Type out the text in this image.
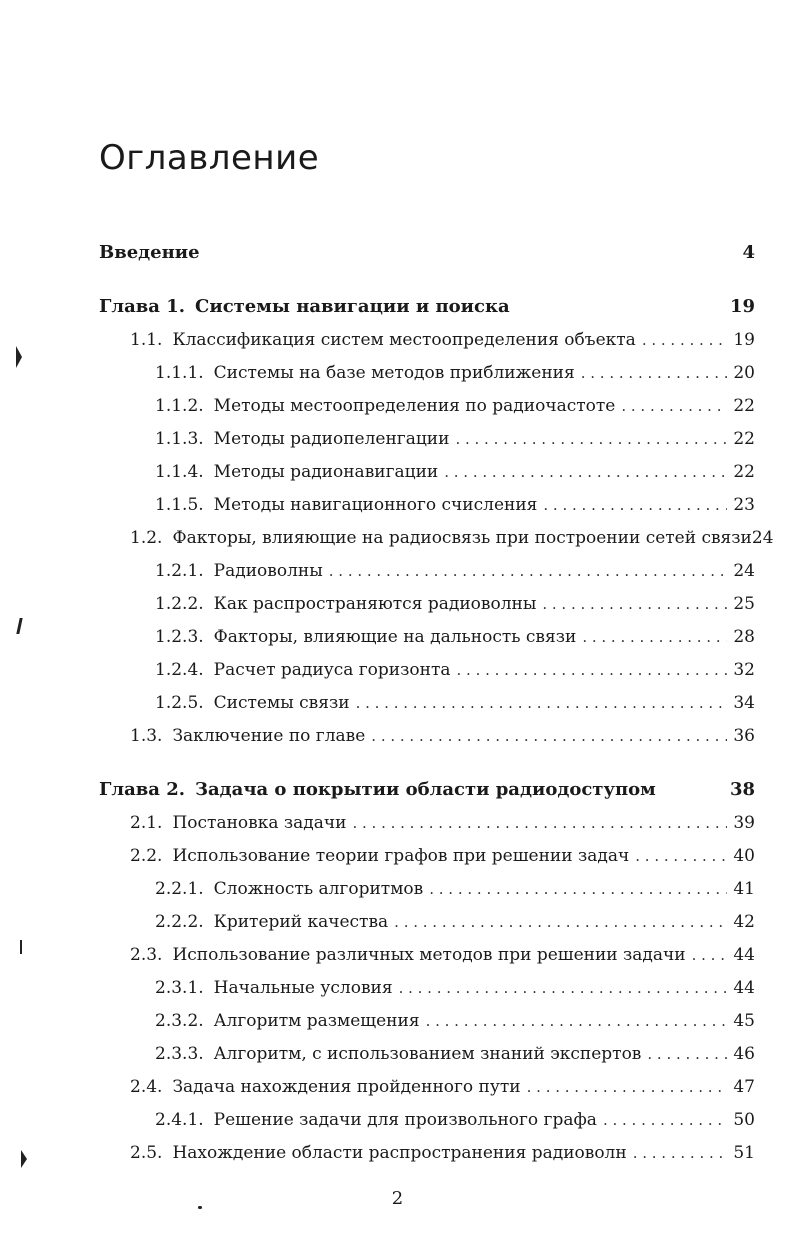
Оглавление
Введение	4
Глава 1. Системы навигации и поиска	19
1.1. Классификация систем местоопределения объекта . . .	19
1.1.1. Системы на базе методов приближения . . .	20
1.1.2. Методы местоопределения по радиочастоте . . .	22
1.1.3. Методы радиопеленгации . . .	22
1.1.4. Методы радионавигации . . .	22
1.1.5. Методы навигационного счисления . . .	23
1.2. Факторы, влияющие на радиосвязь при построении сетей связи 24
1.2.1. Радиоволны . . .	24
1.2.2. Как распространяются радиоволны . . .	25
1.2.3. Факторы, влияющие на дальность связи . . .	28
1.2.4. Расчет радиуса горизонта . . .	32
1.2.5. Системы связи . . .	34
1.3. Заключение по главе . . .	36
Глава 2. Задача о покрытии области радиодоступом	38
2.1. Постановка задачи . . .	39
2.2. Использование теории графов при решении задач . . .	40
2.2.1. Сложность алгоритмов . . .	41
2.2.2. Критерий качества . . .	42
2.3. Использование различных методов при решении задачи . . .	44
2.3.1. Начальные условия . . .	44
2.3.2. Алгоритм размещения . . .	45
2.3.3. Алгоритм, с использованием знаний экспертов . . .	46
2.4. Задача нахождения пройденного пути . . .	47
2.4.1. Решение задачи для произвольного графа . . .	50
2.5. Нахождение области распространения радиоволн . . .	51
2
